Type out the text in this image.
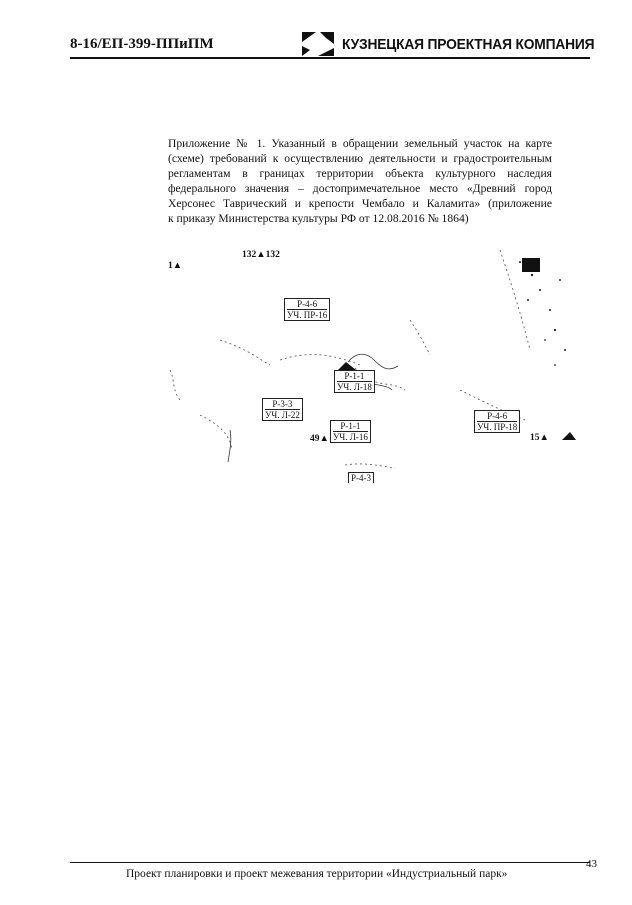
8-16/ЕП-399-ППиПМ	КУЗНЕЦКАЯ ПРОЕКТНАЯ КОМПАНИЯ
Приложение № 1. Указанный в обращении земельный участок на карте (схеме) требований к осуществлению деятельности и градостроительным регламентам в границах территории объекта культурного наследия федерального значения – достопримечательное место «Древний город Херсонес Таврический и крепости Чембало и Каламита» (приложение
к приказу Министерства культуры РФ от 12.08.2016 № 1864)
1▲
132▲132
49▲	15▲
Р-4-6
УЧ. ПР-16
Р-1-1
УЧ. Л-18
Р-3-3
УЧ. Л-22
Р-1-1
УЧ. Л-16
Р-4-6
УЧ. ПР-18
Р-4-3
43
Проект планировки и проект межевания территории «Индустриальный парк»
